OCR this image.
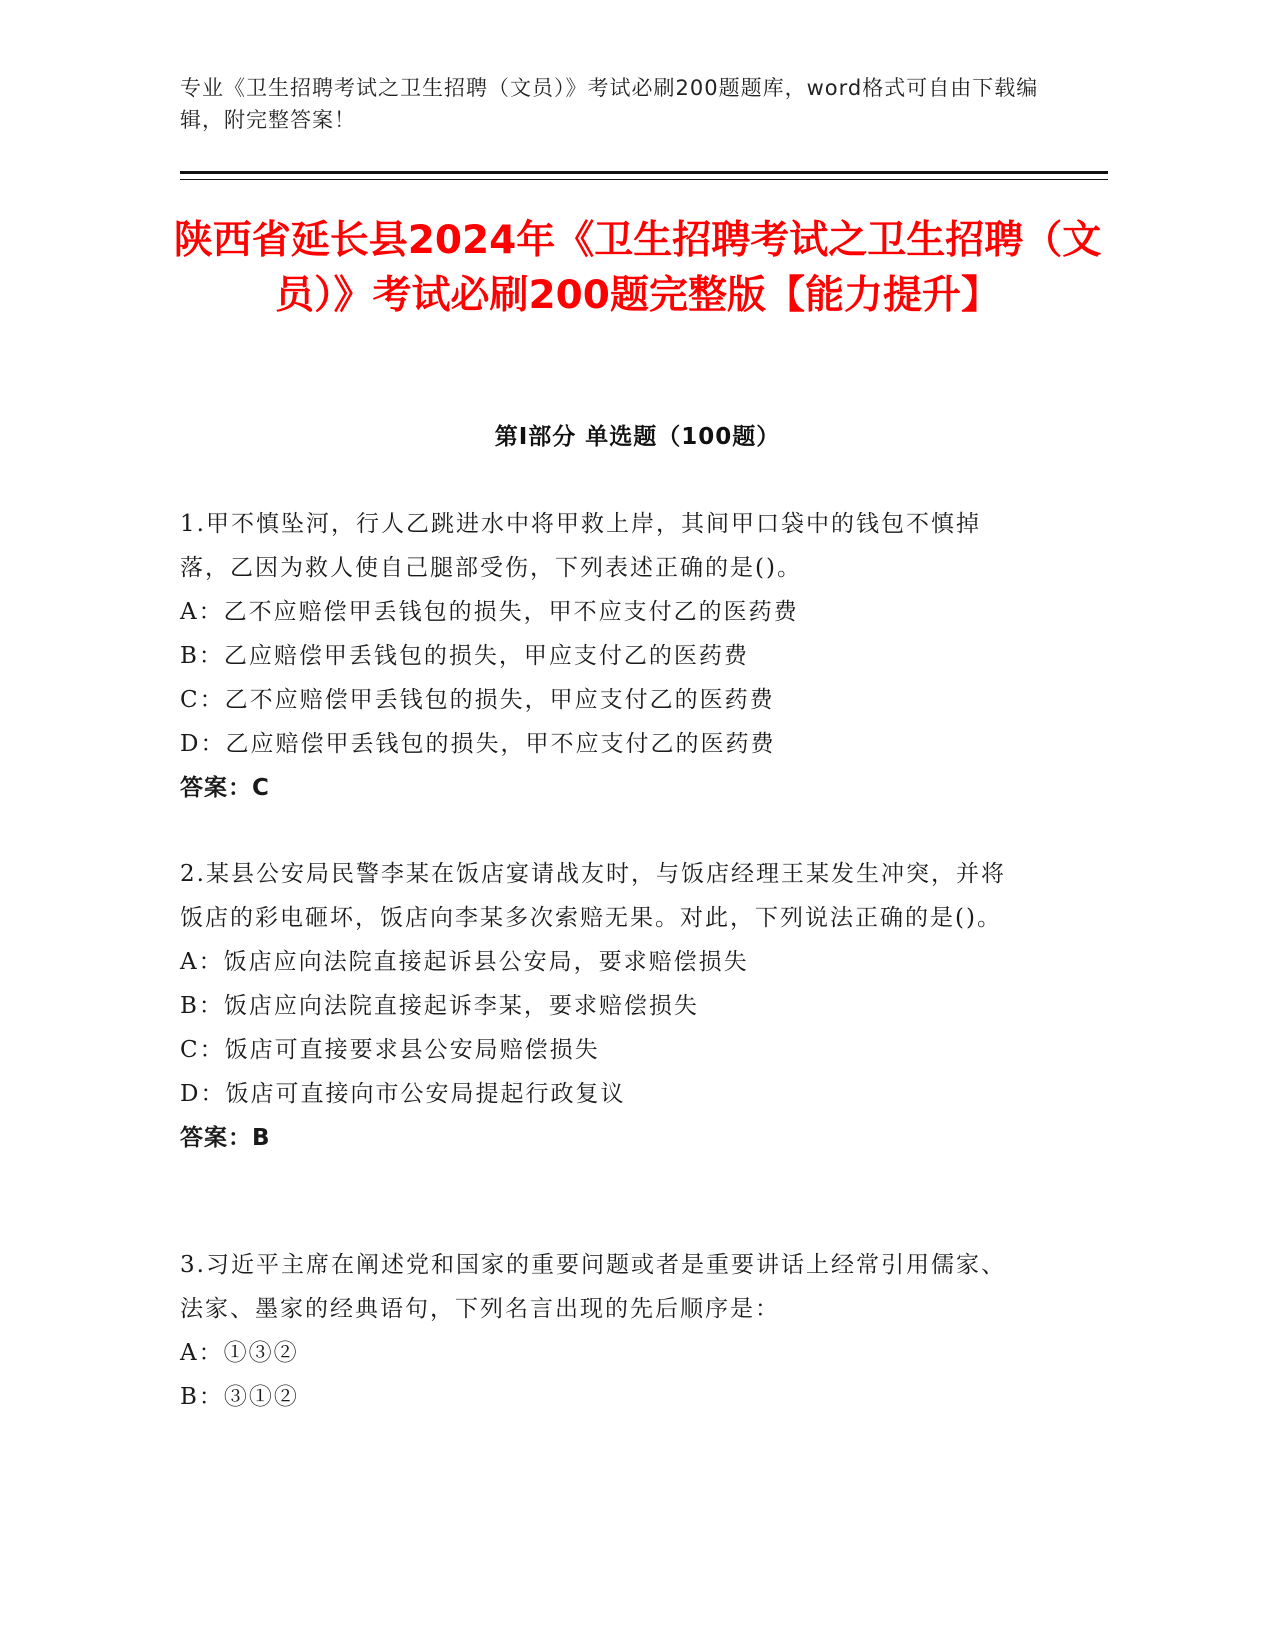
专业《卫生招聘考试之卫生招聘（文员）》考试必刷200题题库，word格式可自由下载编辑，附完整答案！
陕西省延长县2024年《卫生招聘考试之卫生招聘（文员）》考试必刷200题完整版【能力提升】
第I部分 单选题（100题）
1.甲不慎坠河，行人乙跳进水中将甲救上岸，其间甲口袋中的钱包不慎掉落，乙因为救人使自己腿部受伤，下列表述正确的是()。
A：乙不应赔偿甲丢钱包的损失，甲不应支付乙的医药费
B：乙应赔偿甲丢钱包的损失，甲应支付乙的医药费
C：乙不应赔偿甲丢钱包的损失，甲应支付乙的医药费
D：乙应赔偿甲丢钱包的损失，甲不应支付乙的医药费
答案：C
2.某县公安局民警李某在饭店宴请战友时，与饭店经理王某发生冲突，并将饭店的彩电砸坏，饭店向李某多次索赔无果。对此，下列说法正确的是()。
A：饭店应向法院直接起诉县公安局，要求赔偿损失
B：饭店应向法院直接起诉李某，要求赔偿损失
C：饭店可直接要求县公安局赔偿损失
D：饭店可直接向市公安局提起行政复议
答案：B
3.习近平主席在阐述党和国家的重要问题或者是重要讲话上经常引用儒家、法家、墨家的经典语句，下列名言出现的先后顺序是：
A：①③②
B：③①②
